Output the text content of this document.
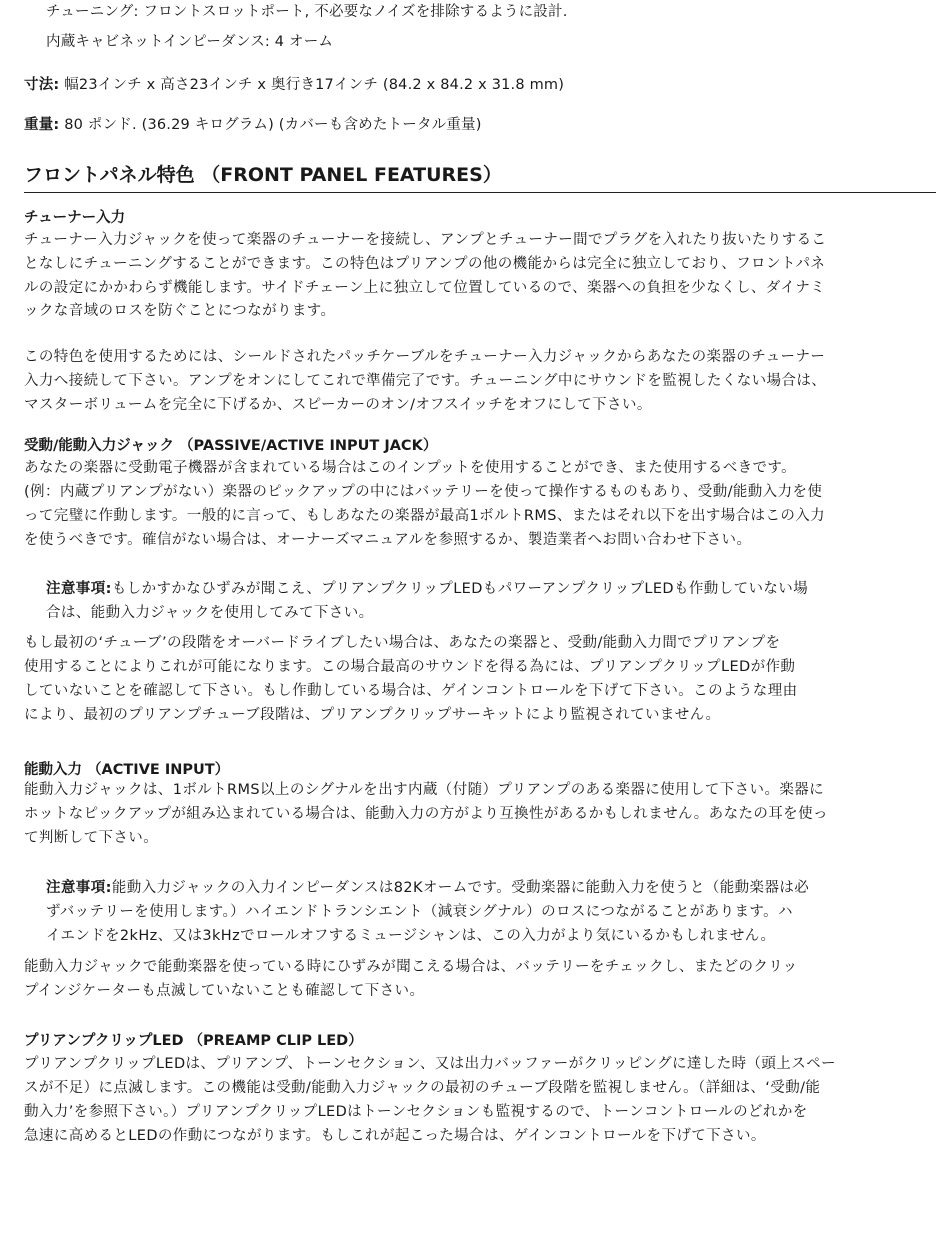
チューニング: フロントスロットポート, 不必要なノイズを排除するように設計.
内蔵キャビネットインピーダンス: 4 オーム
寸法: 幅23インチ x 高さ23インチ x 奥行き17インチ (84.2 x 84.2 x 31.8 mm)
重量: 80 ポンド. (36.29 キログラム) (カバーも含めたトータル重量)
フロントパネル特色 （FRONT PANEL FEATURES）
チューナー入力
チューナー入力ジャックを使って楽器のチューナーを接続し、アンプとチューナー間でプラグを入れたり抜いたりするこ
となしにチューニングすることができます。この特色はプリアンプの他の機能からは完全に独立しており、フロントパネ
ルの設定にかかわらず機能します。サイドチェーン上に独立して位置しているので、楽器への負担を少なくし、ダイナミ
ックな音域のロスを防ぐことにつながります。
この特色を使用するためには、シールドされたパッチケーブルをチューナー入力ジャックからあなたの楽器のチューナー
入力へ接続して下さい。アンプをオンにしてこれで準備完了です。チューニング中にサウンドを監視したくない場合は、
マスターボリュームを完全に下げるか、スピーカーのオン/オフスイッチをオフにして下さい。
受動/能動入力ジャック （PASSIVE/ACTIVE INPUT JACK）
あなたの楽器に受動電子機器が含まれている場合はこのインプットを使用することができ、また使用するべきです。
(例：内蔵プリアンプがない）楽器のピックアップの中にはバッテリーを使って操作するものもあり、受動/能動入力を使
って完璧に作動します。一般的に言って、もしあなたの楽器が最高1ボルトRMS、またはそれ以下を出す場合はこの入力
を使うべきです。確信がない場合は、オーナーズマニュアルを参照するか、製造業者へお問い合わせ下さい。
注意事項:もしかすかなひずみが聞こえ、プリアンプクリップLEDもパワーアンプクリップLEDも作動していない場
合は、能動入力ジャックを使用してみて下さい。
もし最初の‘チューブ’の段階をオーバードライブしたい場合は、あなたの楽器と、受動/能動入力間でプリアンプを
使用することによりこれが可能になります。この場合最高のサウンドを得る為には、プリアンプクリップLEDが作動
していないことを確認して下さい。もし作動している場合は、ゲインコントロールを下げて下さい。このような理由
により、最初のプリアンプチューブ段階は、プリアンプクリップサーキットにより監視されていません。
能動入力 （ACTIVE INPUT）
能動入力ジャックは、1ボルトRMS以上のシグナルを出す内蔵（付随）プリアンプのある楽器に使用して下さい。楽器に
ホットなピックアップが組み込まれている場合は、能動入力の方がより互換性があるかもしれません。あなたの耳を使っ
て判断して下さい。
注意事項:能動入力ジャックの入力インピーダンスは82Kオームです。受動楽器に能動入力を使うと（能動楽器は必
ずバッテリーを使用します。）ハイエンドトランシエント（減衰シグナル）のロスにつながることがあります。ハ
イエンドを2kHz、又は3kHzでロールオフするミュージシャンは、この入力がより気にいるかもしれません。
能動入力ジャックで能動楽器を使っている時にひずみが聞こえる場合は、バッテリーをチェックし、またどのクリッ
プインジケーターも点滅していないことも確認して下さい。
プリアンプクリップLED （PREAMP CLIP LED）
プリアンプクリップLEDは、プリアンプ、トーンセクション、又は出力バッファーがクリッピングに達した時（頭上スペー
スが不足）に点滅します。この機能は受動/能動入力ジャックの最初のチューブ段階を監視しません。（詳細は、‘受動/能
動入力’を参照下さい。）プリアンプクリップLEDはトーンセクションも監視するので、トーンコントロールのどれかを
急速に高めるとLEDの作動につながります。もしこれが起こった場合は、ゲインコントロールを下げて下さい。
